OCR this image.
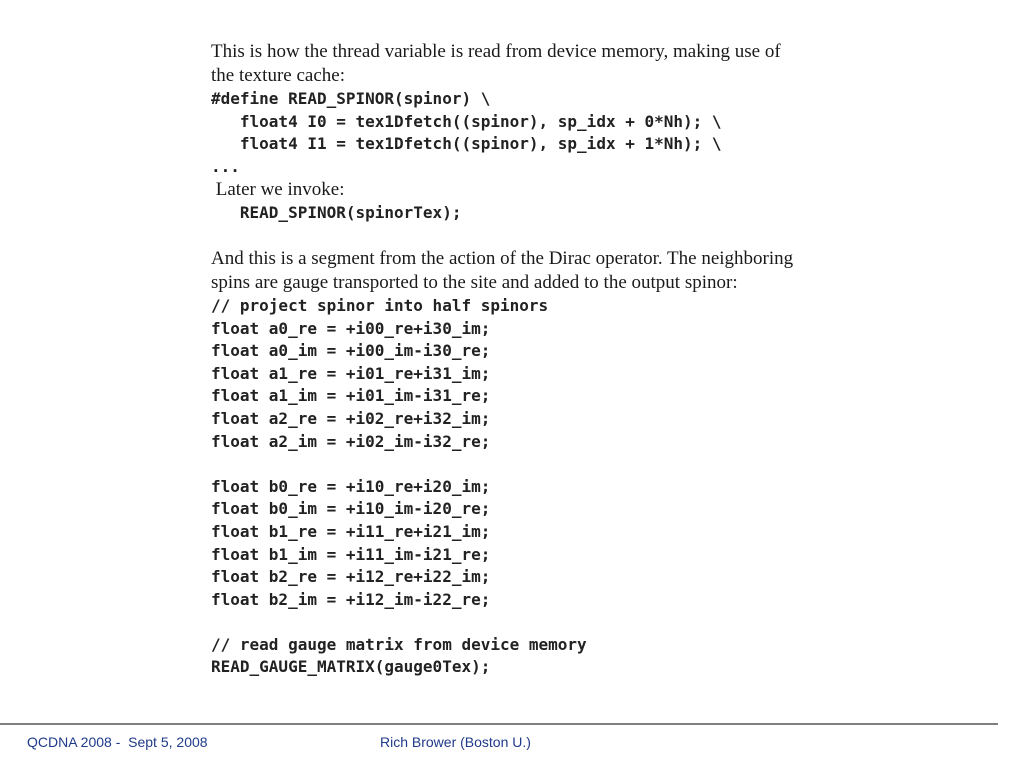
This is how the thread variable is read from device memory, making use of

the texture cache:

#define READ_SPINOR(spinor) \

float4 I0 = tex1Dfetch((spinor), sp_idx + 0*Nh); \

float4 I1 = tex1Dfetch((spinor), sp_idx + 1*Nh); \

...

Later we invoke:

READ_SPINOR(spinorTex);

And this is a segment from the action of the Dirac operator. The neighboring

spins are gauge transported to the site and added to the output spinor:

// project spinor into half spinors

float a0_re = +i00_re+i30_im;

float a0_im = +i00_im-i30_re;

float a1_re = +i01_re+i31_im;

float a1_im = +i01_im-i31_re;

float a2_re = +i02_re+i32_im;

float a2_im = +i02_im-i32_re;

float b0_re = +i10_re+i20_im;

float b0_im = +i10_im-i20_re;

float b1_re = +i11_re+i21_im;

float b1_im = +i11_im-i21_re;

float b2_re = +i12_re+i22_im;

float b2_im = +i12_im-i22_re;

// read gauge matrix from device memory

READ_GAUGE_MATRIX(gauge0Tex);

QCDNA 2008 -  Sept 5, 2008	Rich Brower (Boston U.)
